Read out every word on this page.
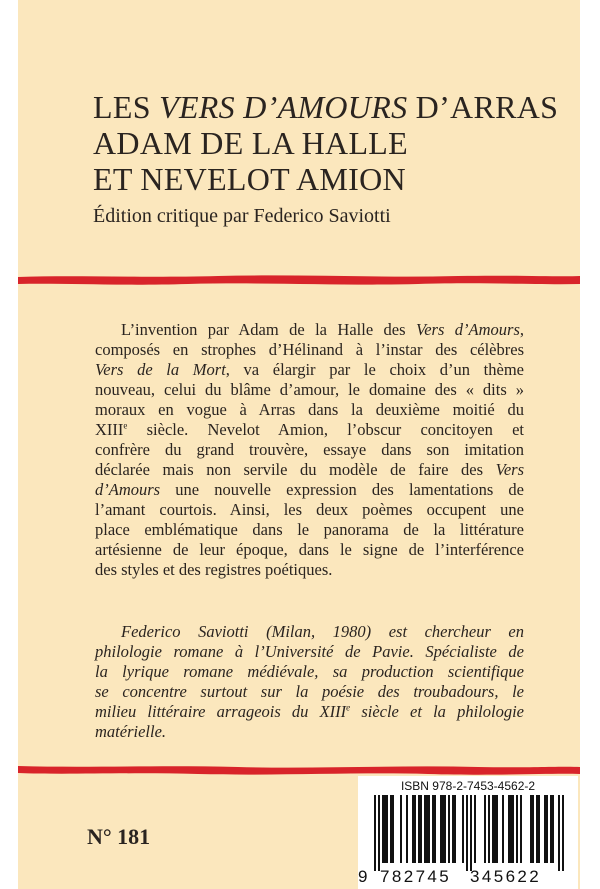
LES VERS D’AMOURS D’ARRAS
ADAM DE LA HALLE
ET NEVELOT AMION

Édition critique par Federico Saviotti

L’invention par Adam de la Halle des Vers d’Amours,
composés en strophes d’Hélinand à l’instar des célèbres
Vers de la Mort, va élargir par le choix d’un thème
nouveau, celui du blâme d’amour, le domaine des « dits »
moraux en vogue à Arras dans la deuxième moitié du
XIIIe siècle. Nevelot Amion, l’obscur concitoyen et
confrère du grand trouvère, essaye dans son imitation
déclarée mais non servile du modèle de faire des Vers
d’Amours une nouvelle expression des lamentations de
l’amant courtois. Ainsi, les deux poèmes occupent une
place emblématique dans le panorama de la littérature
artésienne de leur époque, dans le signe de l’interférence
des styles et des registres poétiques.

Federico Saviotti (Milan, 1980) est chercheur en
philologie romane à l’Université de Pavie. Spécialiste de
la lyrique romane médiévale, sa production scientifique
se concentre surtout sur la poésie des troubadours, le
milieu littéraire arrageois du XIIIe siècle et la philologie
matérielle.

N° 181

ISBN 978-2-7453-4562-2
9 782745 345622
